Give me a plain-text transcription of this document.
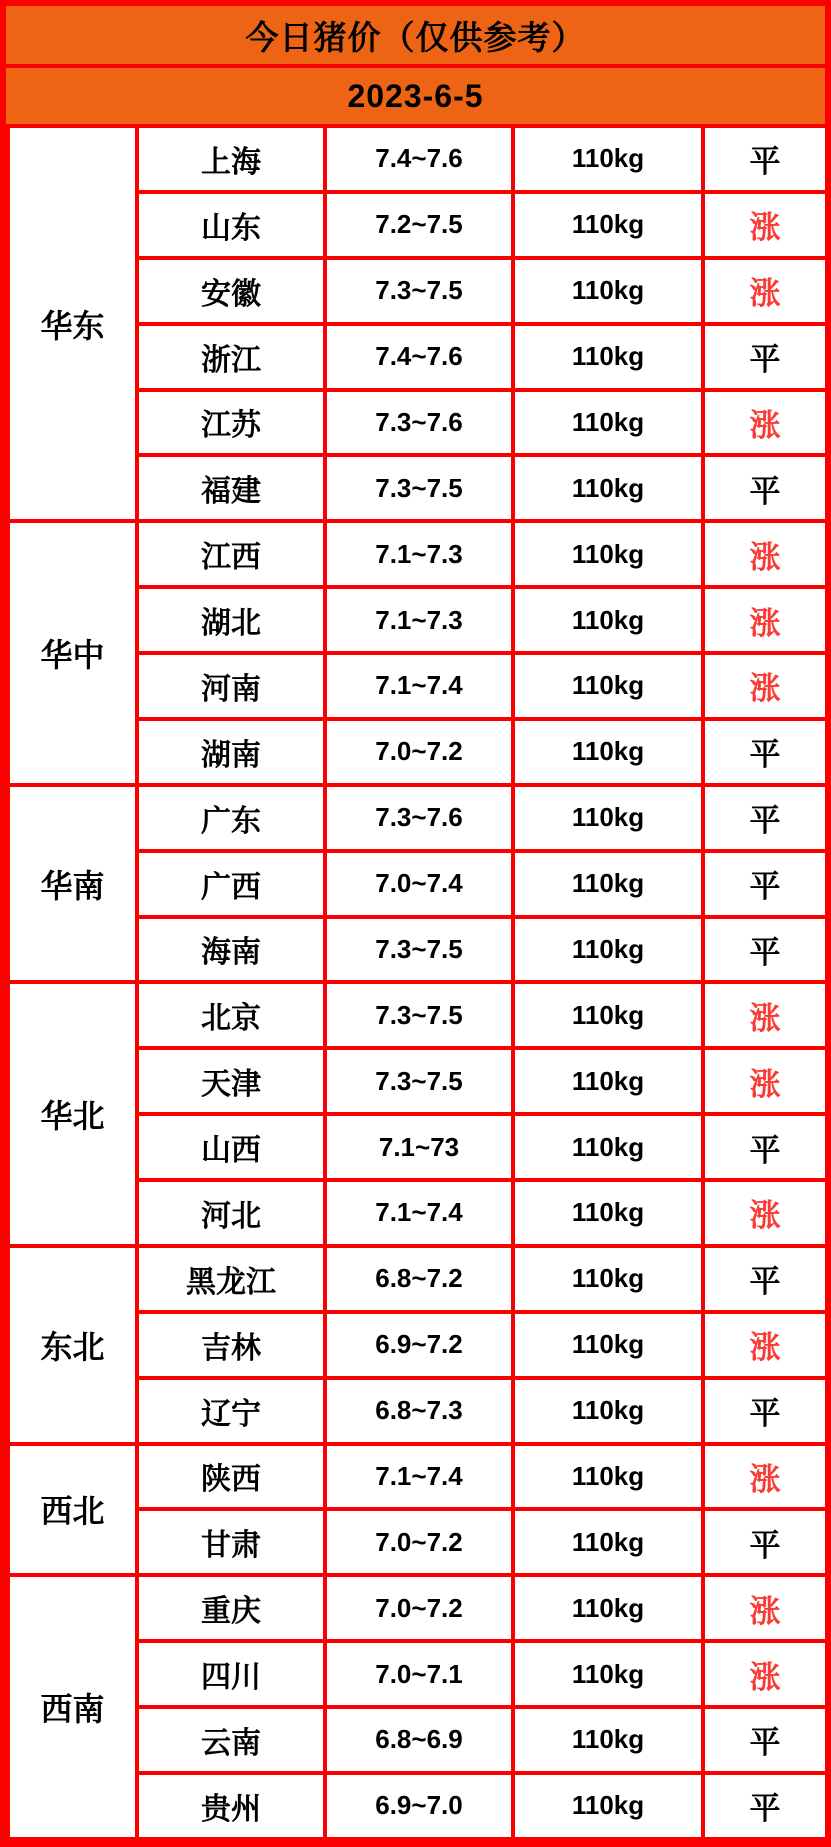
今日猪价（仅供参考）
2023-6-5
华东	上海	7.4~7.6	110kg	平
	山东	7.2~7.5	110kg	涨
	安徽	7.3~7.5	110kg	涨
	浙江	7.4~7.6	110kg	平
	江苏	7.3~7.6	110kg	涨
	福建	7.3~7.5	110kg	平
华中	江西	7.1~7.3	110kg	涨
	湖北	7.1~7.3	110kg	涨
	河南	7.1~7.4	110kg	涨
	湖南	7.0~7.2	110kg	平
华南	广东	7.3~7.6	110kg	平
	广西	7.0~7.4	110kg	平
	海南	7.3~7.5	110kg	平
华北	北京	7.3~7.5	110kg	涨
	天津	7.3~7.5	110kg	涨
	山西	7.1~73	110kg	平
	河北	7.1~7.4	110kg	涨
东北	黑龙江	6.8~7.2	110kg	平
	吉林	6.9~7.2	110kg	涨
	辽宁	6.8~7.3	110kg	平
西北	陕西	7.1~7.4	110kg	涨
	甘肃	7.0~7.2	110kg	平
西南	重庆	7.0~7.2	110kg	涨
	四川	7.0~7.1	110kg	涨
	云南	6.8~6.9	110kg	平
	贵州	6.9~7.0	110kg	平
